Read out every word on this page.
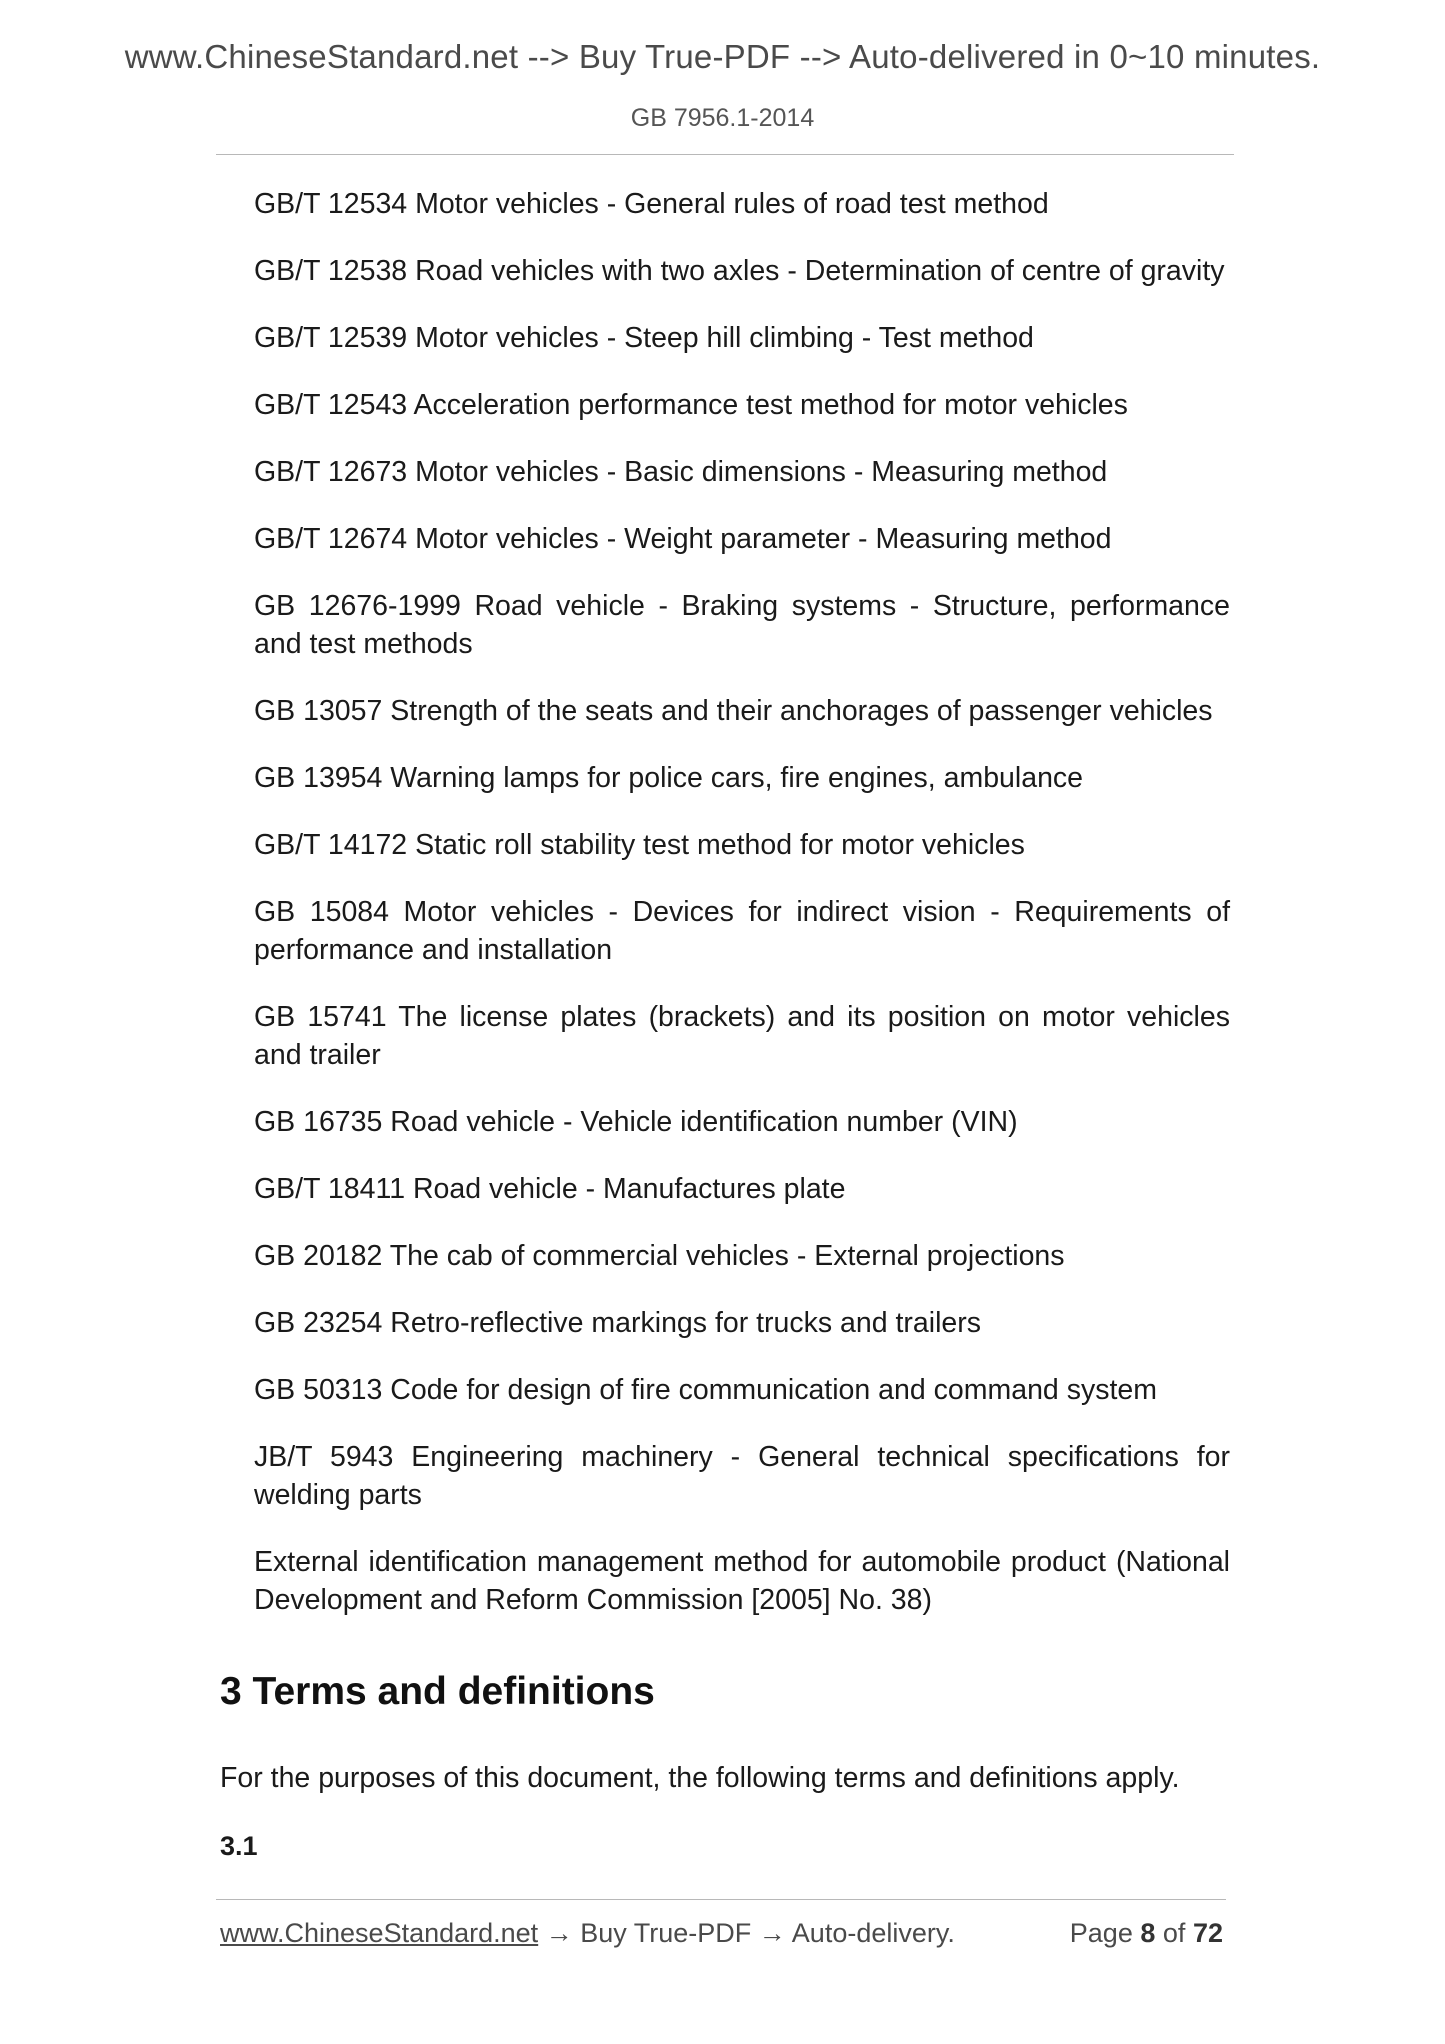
www.ChineseStandard.net --> Buy True-PDF --> Auto-delivered in 0~10 minutes.
GB 7956.1-2014
GB/T 12534 Motor vehicles - General rules of road test method
GB/T 12538 Road vehicles with two axles - Determination of centre of gravity
GB/T 12539 Motor vehicles - Steep hill climbing - Test method
GB/T 12543 Acceleration performance test method for motor vehicles
GB/T 12673 Motor vehicles - Basic dimensions - Measuring method
GB/T 12674 Motor vehicles - Weight parameter - Measuring method
GB 12676-1999 Road vehicle - Braking systems - Structure, performance and test methods
GB 13057 Strength of the seats and their anchorages of passenger vehicles
GB 13954 Warning lamps for police cars, fire engines, ambulance
GB/T 14172 Static roll stability test method for motor vehicles
GB 15084 Motor vehicles - Devices for indirect vision - Requirements of performance and installation
GB 15741 The license plates (brackets) and its position on motor vehicles and trailer
GB 16735 Road vehicle - Vehicle identification number (VIN)
GB/T 18411 Road vehicle - Manufactures plate
GB 20182 The cab of commercial vehicles - External projections
GB 23254 Retro-reflective markings for trucks and trailers
GB 50313 Code for design of fire communication and command system
JB/T 5943 Engineering machinery - General technical specifications for welding parts
External identification management method for automobile product (National Development and Reform Commission [2005] No. 38)
3 Terms and definitions
For the purposes of this document, the following terms and definitions apply.
3.1
www.ChineseStandard.net → Buy True-PDF → Auto-delivery.	Page 8 of 72
